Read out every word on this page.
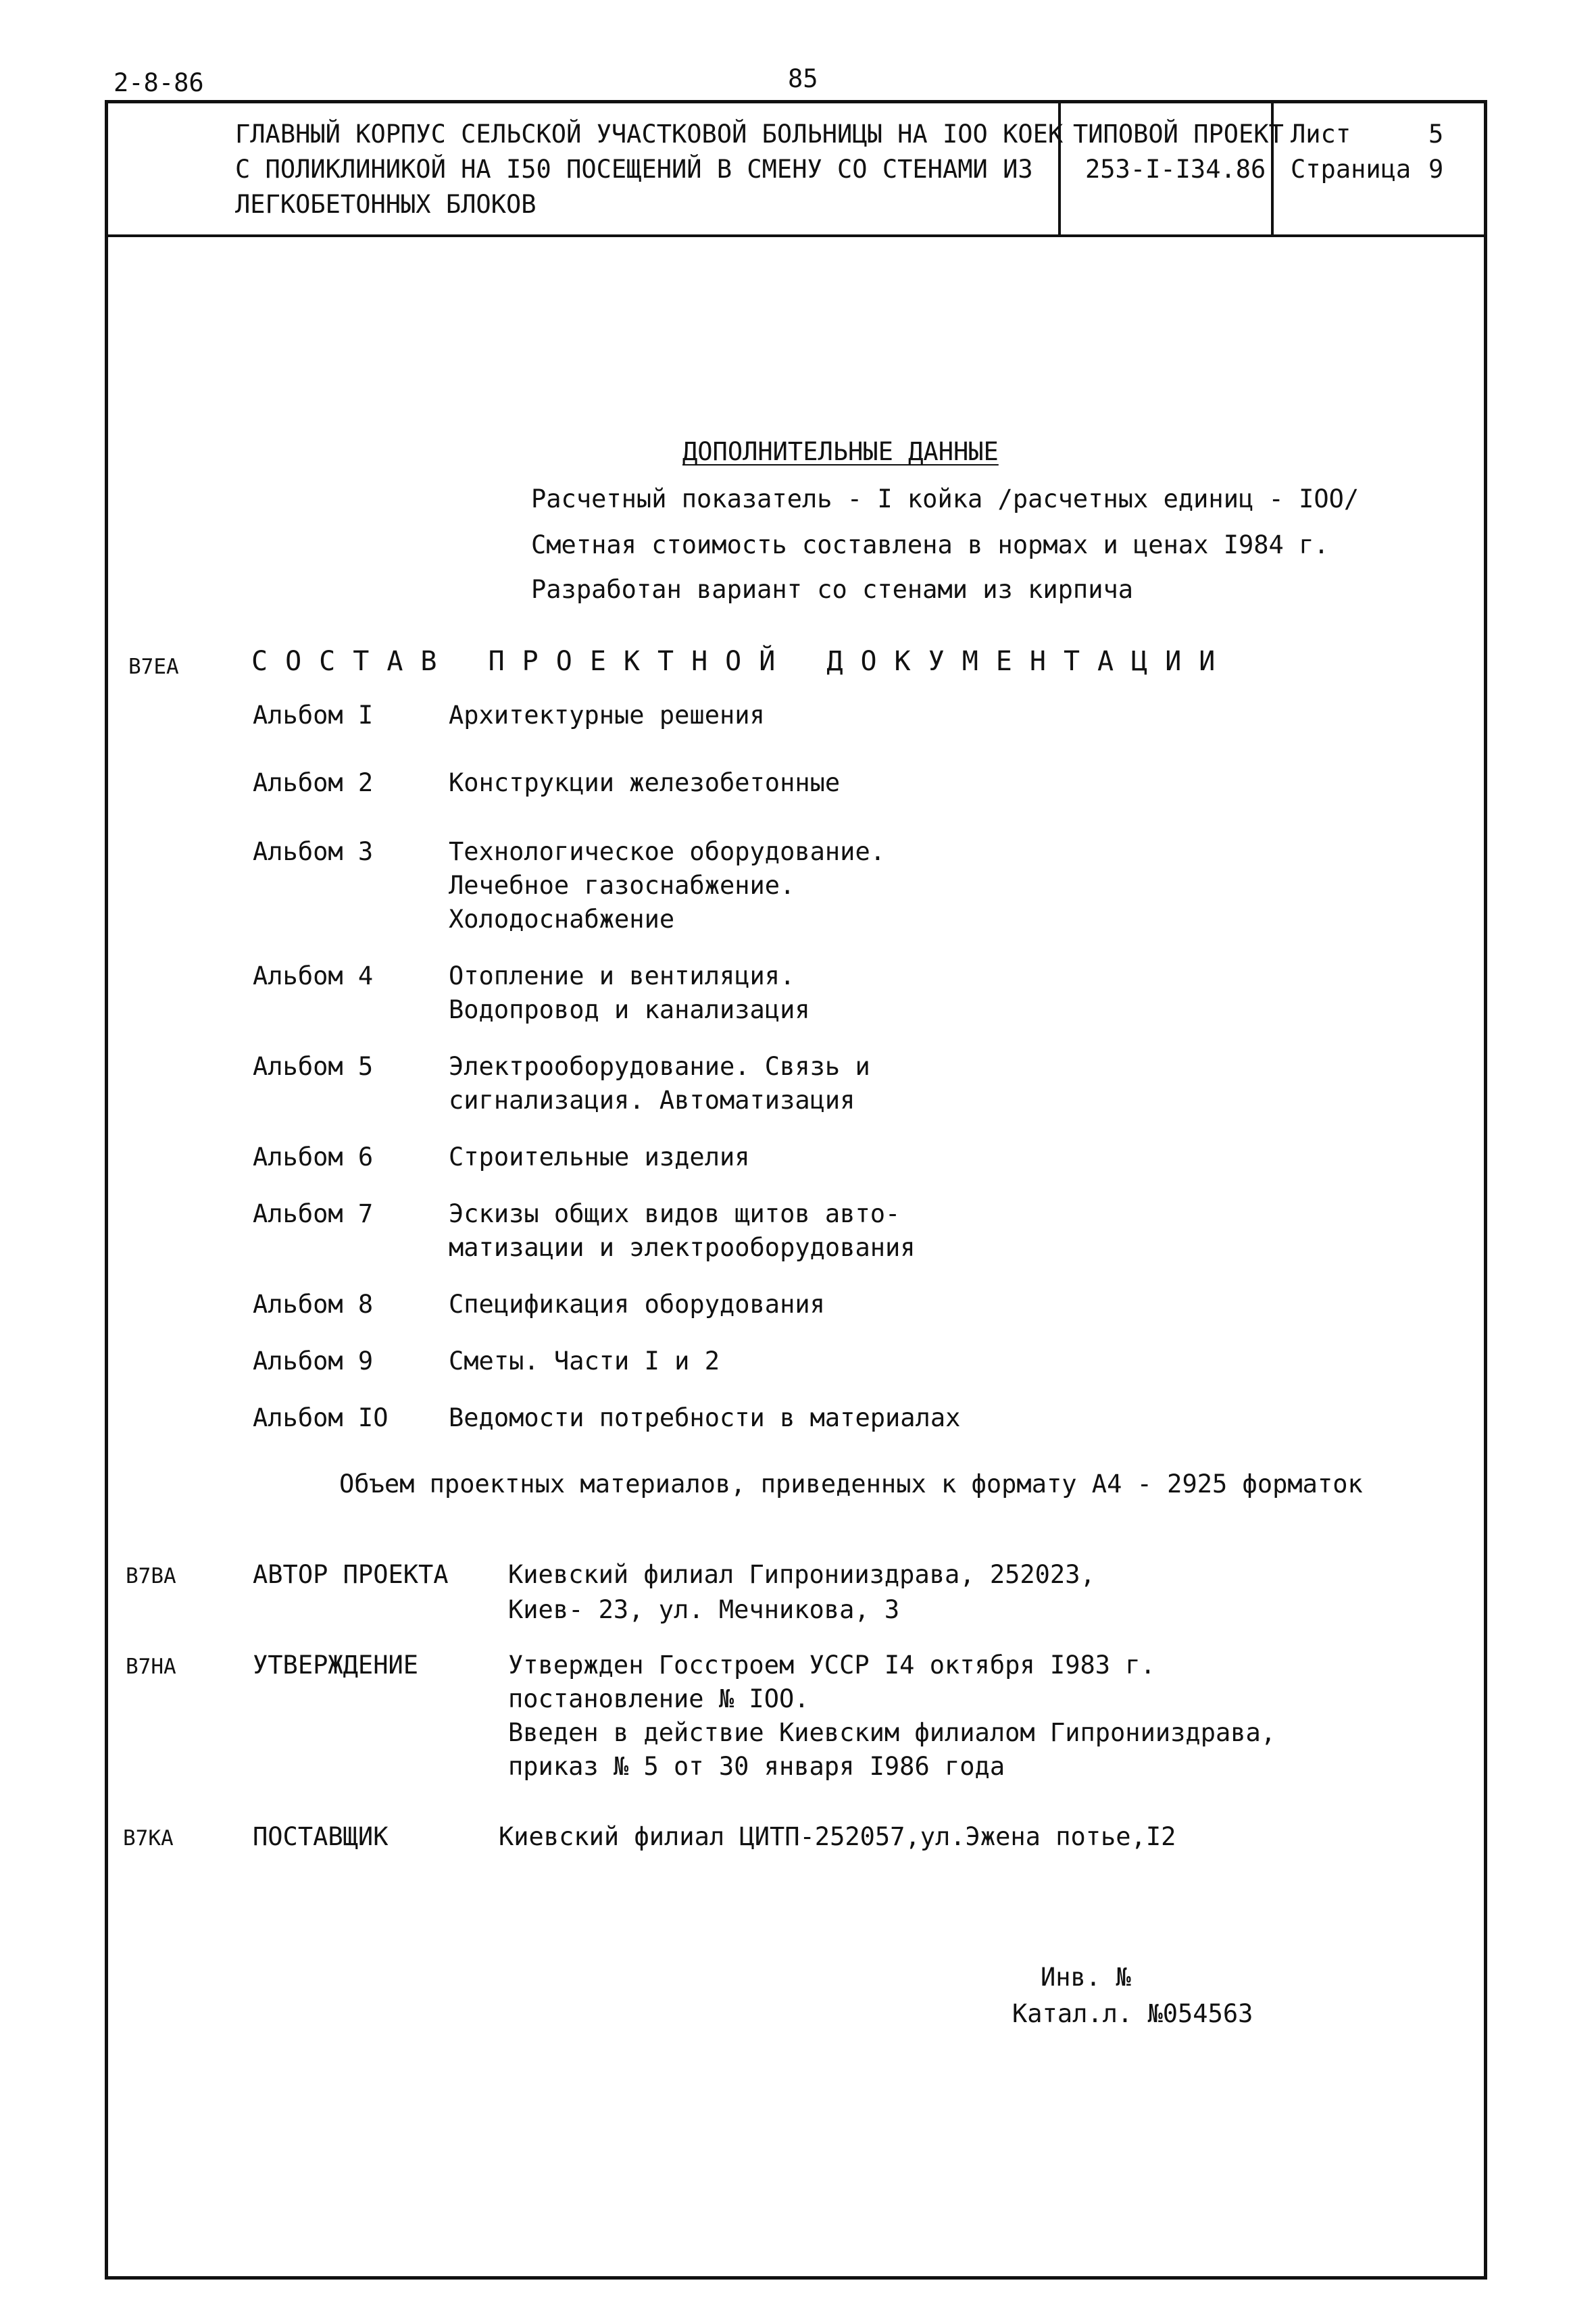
2-8-86	85
ГЛАВНЫЙ КОРПУС СЕЛЬСКОЙ УЧАСТКОВОЙ БОЛЬНИЦЫ НА IOO КОЕК
С ПОЛИКЛИНИКОЙ НА I50 ПОСЕЩЕНИЙ В СМЕНУ СО СТЕНАМИ ИЗ
ЛЕГКОБЕТОННЫХ БЛОКОВ
ТИПОВОЙ ПРОЕКТ
253-I-I34.86
Лист	5
Страница 9
ДОПОЛНИТЕЛЬНЫЕ ДАННЫЕ
Расчетный показатель - I койка /расчетных единиц - IOO/
Сметная стоимость составлена в нормах и ценах I984 г.
Разработан вариант со стенами из кирпича
B7EA	СОСТАВ ПРОЕКТНОЙ ДОКУМЕНТАЦИИ
Альбом I	Архитектурные решения
Альбом 2	Конструкции железобетонные
Альбом 3	Технологическое оборудование.
Лечебное газоснабжение.
Холодоснабжение
Альбом 4	Отопление и вентиляция.
Водопровод и канализация
Альбом 5	Электрооборудование. Связь и
сигнализация. Автоматизация
Альбом 6	Строительные изделия
Альбом 7	Эскизы общих видов щитов авто-
матизации и электрооборудования
Альбом 8	Спецификация оборудования
Альбом 9	Сметы. Части I и 2
Альбом IO Ведомости потребности в материалах
Объем проектных материалов, приведенных к формату А4 - 2925 форматок
B7BA	АВТОР ПРОЕКТА Киевский филиал Гипронииздрава, 252023,
Киев- 23, ул. Мечникова, 3
B7HA	УТВЕРЖДЕНИЕ	Утвержден Госстроем УССР I4 октября I983 г.
постановление № IOO.
Введен в действие Киевским филиалом Гипронииздрава,
приказ № 5 от 30 января I986 года
B7KA	ПОСТАВЩИК	Киевский филиал ЦИТП-252057,ул.Эжена потье,I2
Инв. №
Катал.л. №054563
